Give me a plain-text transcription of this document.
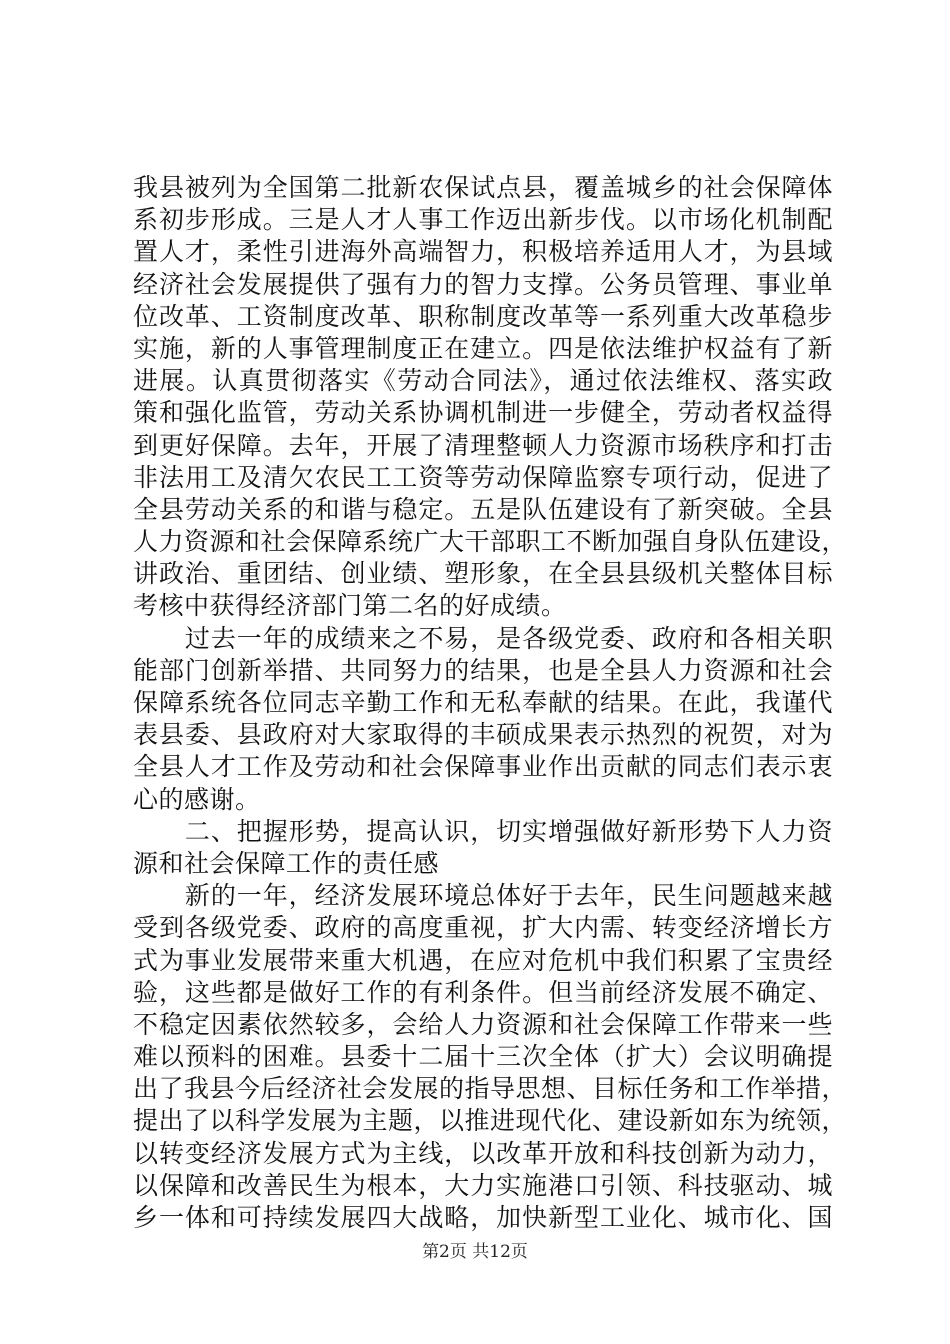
我县被列为全国第二批新农保试点县，覆盖城乡的社会保障体
系初步形成。三是人才人事工作迈出新步伐。以市场化机制配
置人才，柔性引进海外高端智力，积极培养适用人才，为县域
经济社会发展提供了强有力的智力支撑。公务员管理、事业单
位改革、工资制度改革、职称制度改革等一系列重大改革稳步
实施，新的人事管理制度正在建立。四是依法维护权益有了新
进展。认真贯彻落实《劳动合同法》，通过依法维权、落实政
策和强化监管，劳动关系协调机制进一步健全，劳动者权益得
到更好保障。去年，开展了清理整顿人力资源市场秩序和打击
非法用工及清欠农民工工资等劳动保障监察专项行动，促进了
全县劳动关系的和谐与稳定。五是队伍建设有了新突破。全县
人力资源和社会保障系统广大干部职工不断加强自身队伍建设，
讲政治、重团结、创业绩、塑形象，在全县县级机关整体目标
考核中获得经济部门第二名的好成绩。
　　过去一年的成绩来之不易，是各级党委、政府和各相关职
能部门创新举措、共同努力的结果，也是全县人力资源和社会
保障系统各位同志辛勤工作和无私奉献的结果。在此，我谨代
表县委、县政府对大家取得的丰硕成果表示热烈的祝贺，对为
全县人才工作及劳动和社会保障事业作出贡献的同志们表示衷
心的感谢。
　　二、把握形势，提高认识，切实增强做好新形势下人力资
源和社会保障工作的责任感
　　新的一年，经济发展环境总体好于去年，民生问题越来越
受到各级党委、政府的高度重视，扩大内需、转变经济增长方
式为事业发展带来重大机遇，在应对危机中我们积累了宝贵经
验，这些都是做好工作的有利条件。但当前经济发展不确定、
不稳定因素依然较多，会给人力资源和社会保障工作带来一些
难以预料的困难。县委十二届十三次全体（扩大）会议明确提
出了我县今后经济社会发展的指导思想、目标任务和工作举措，
提出了以科学发展为主题，以推进现代化、建设新如东为统领，
以转变经济发展方式为主线，以改革开放和科技创新为动力，
以保障和改善民生为根本，大力实施港口引领、科技驱动、城
乡一体和可持续发展四大战略，加快新型工业化、城市化、国
第2页 共12页
